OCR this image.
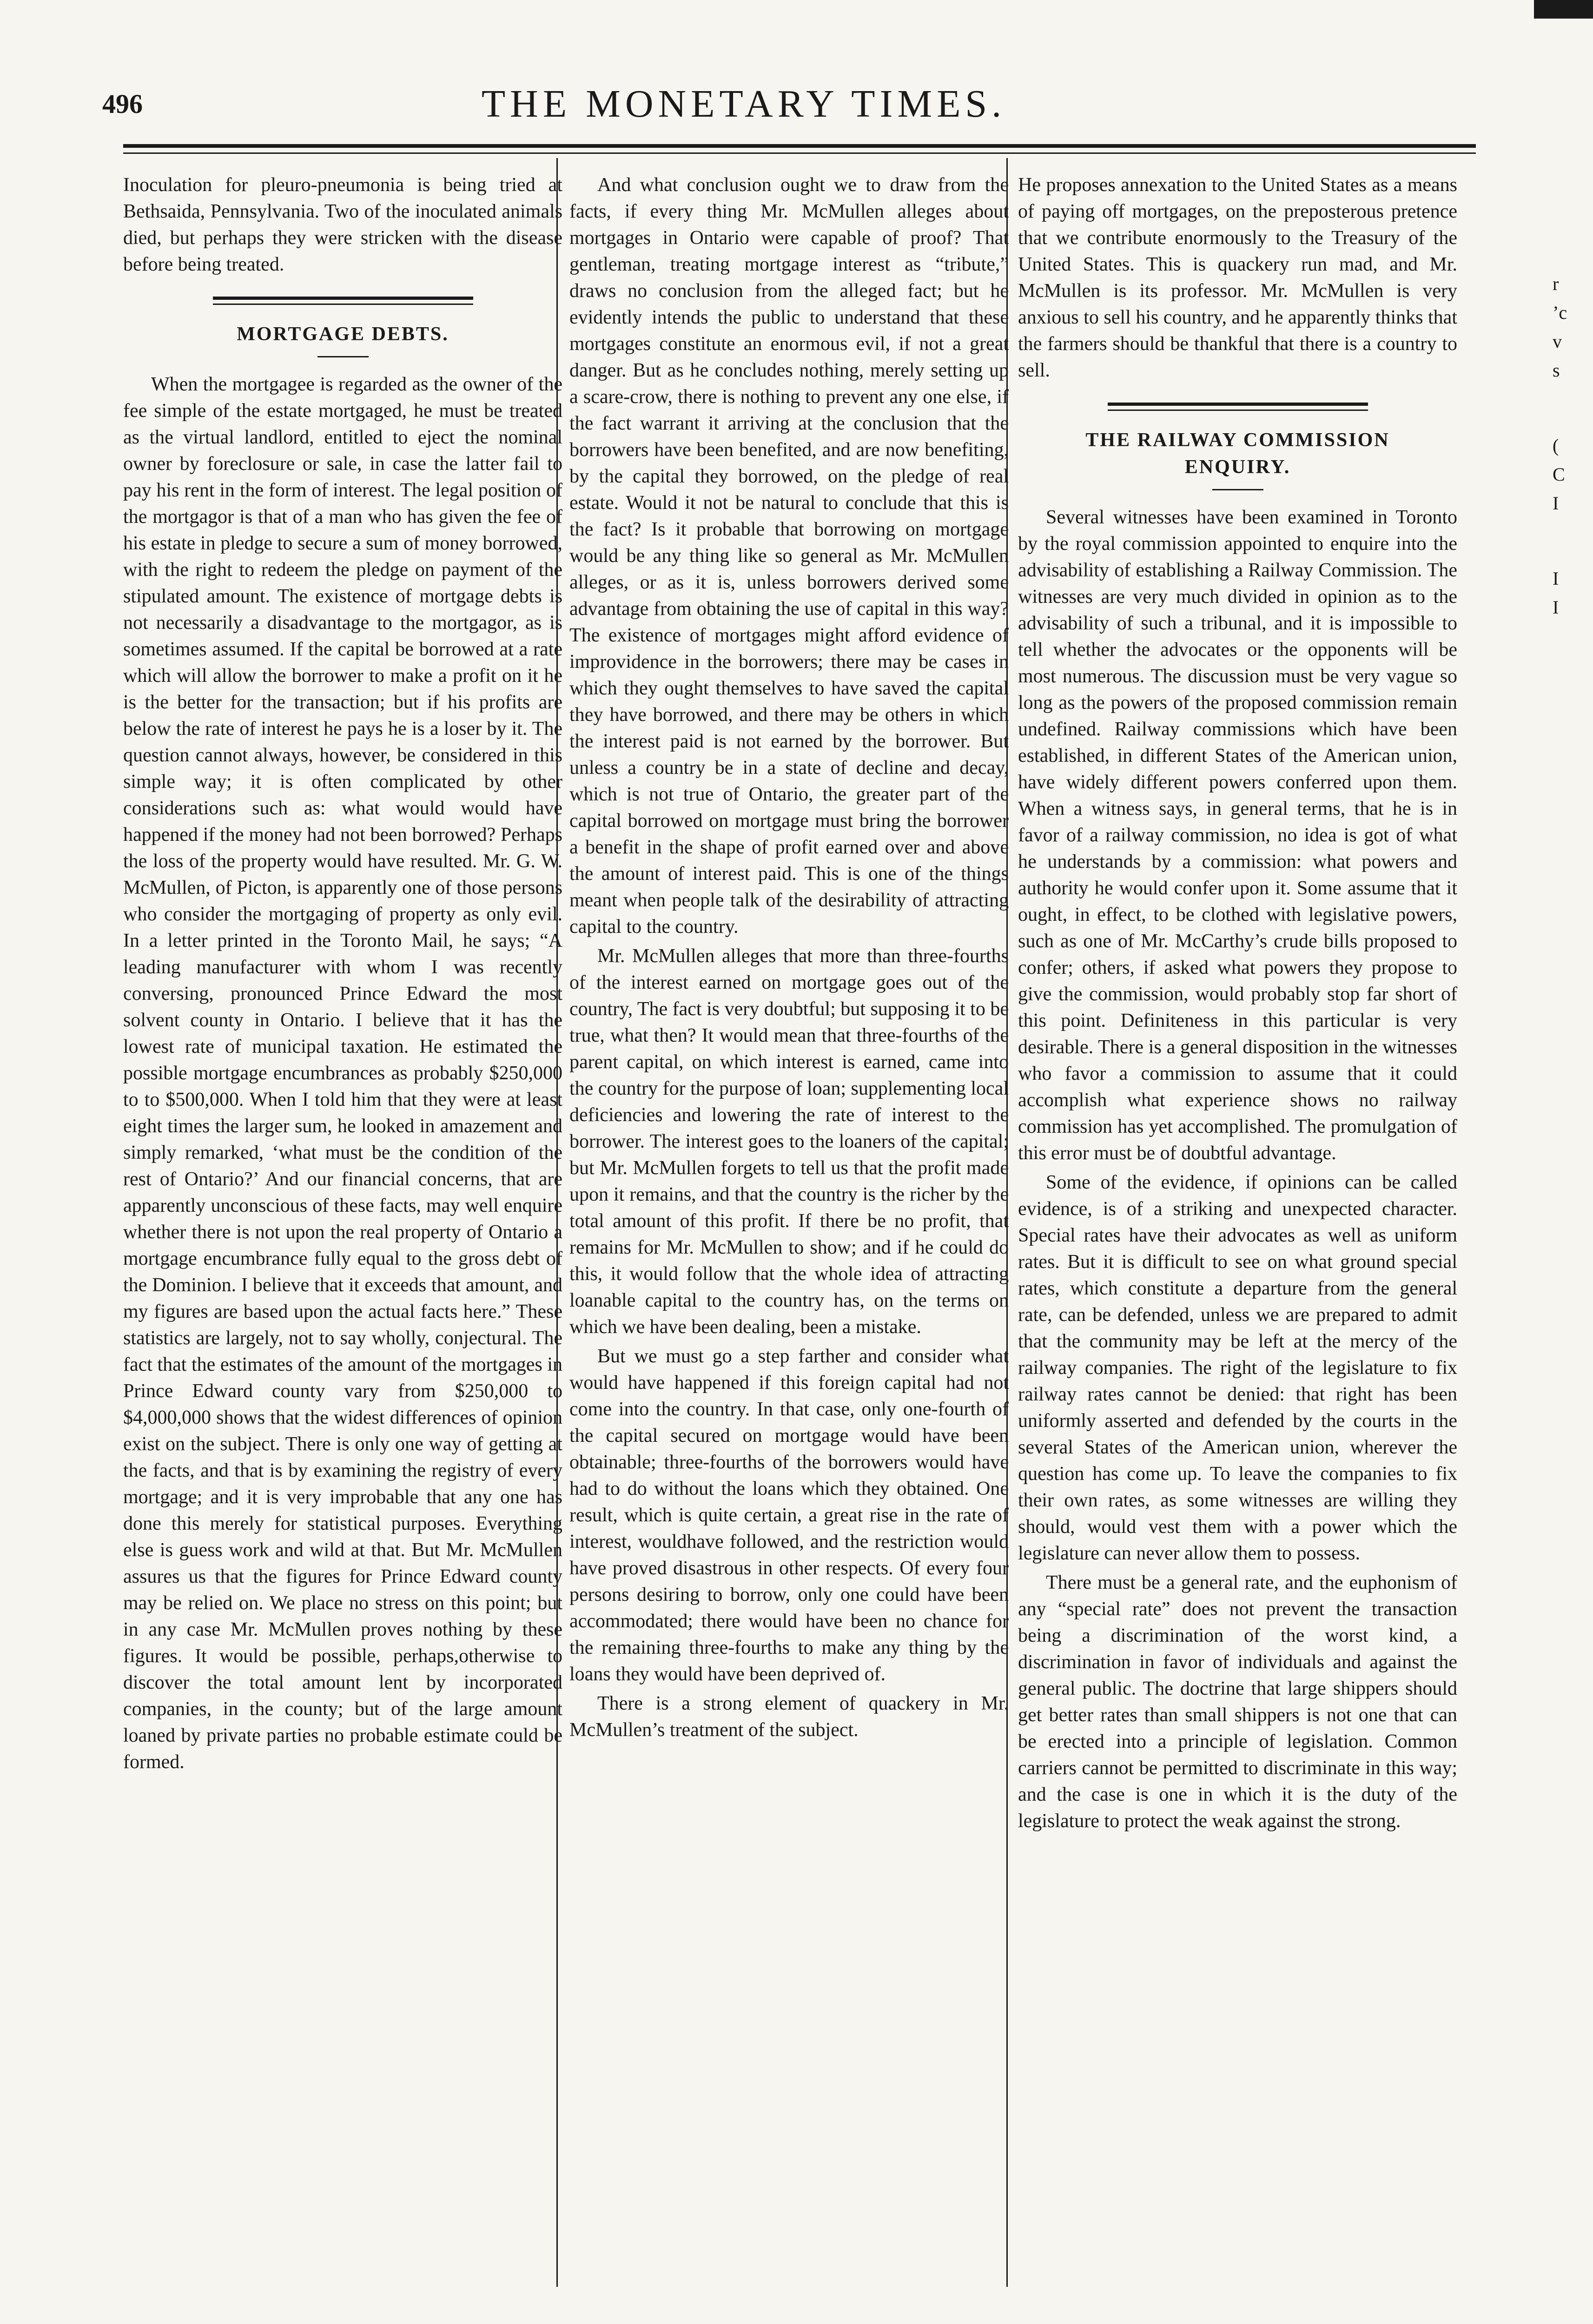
496	THE MONETARY TIMES.

Inoculation for pleuro-pneumonia is being tried at Bethsaida, Pennsylvania. Two of the inoculated animals died, but perhaps they were stricken with the disease before being treated.

MORTGAGE DEBTS.

When the mortgagee is regarded as the owner of the fee simple of the estate mortgaged, he must be treated as the virtual landlord, entitled to eject the nominal owner by foreclosure or sale, in case the latter fail to pay his rent in the form of interest. The legal position of the mortgagor is that of a man who has given the fee of his estate in pledge to secure a sum of money borrowed, with the right to redeem the pledge on payment of the stipulated amount. The existence of mortgage debts is not necessarily a disadvantage to the mortgagor, as is sometimes assumed. If the capital be borrowed at a rate which will allow the borrower to make a profit on it he is the better for the transaction; but if his profits are below the rate of interest he pays he is a loser by it. The question cannot always, however, be considered in this simple way; it is often complicated by other considerations such as: what would would have happened if the money had not been borrowed? Perhaps the loss of the property would have resulted. Mr. G. W. McMullen, of Picton, is apparently one of those persons who consider the mortgaging of property as only evil. In a letter printed in the Toronto Mail, he says; “A leading manufacturer with whom I was recently conversing, pronounced Prince Edward the most solvent county in Ontario. I believe that it has the lowest rate of municipal taxation. He estimated the possible mortgage encumbrances as probably $250,000 to to $500,000. When I told him that they were at least eight times the larger sum, he looked in amazement and simply remarked, ‘what must be the condition of the rest of Ontario?’ And our financial concerns, that are apparently unconscious of these facts, may well enquire whether there is not upon the real property of Ontario a mortgage encumbrance fully equal to the gross debt of the Dominion. I believe that it exceeds that amount, and my figures are based upon the actual facts here.” These statistics are largely, not to say wholly, conjectural. The fact that the estimates of the amount of the mortgages in Prince Edward county vary from $250,000 to $4,000,000 shows that the widest differences of opinion exist on the subject. There is only one way of getting at the facts, and that is by examining the registry of every mortgage; and it is very improbable that any one has done this merely for statistical purposes. Everything else is guess work and wild at that. But Mr. McMullen assures us that the figures for Prince Edward county may be relied on. We place no stress on this point; but in any case Mr. McMullen proves nothing by these figures. It would be possible, perhaps,otherwise to discover the total amount lent by incorporated companies, in the county; but of the large amount loaned by private parties no probable estimate could be formed.

And what conclusion ought we to draw from the facts, if every thing Mr. McMullen alleges about mortgages in Ontario were capable of proof? That gentleman, treating mortgage interest as “tribute,” draws no conclusion from the alleged fact; but he evidently intends the public to understand that these mortgages constitute an enormous evil, if not a great danger. But as he concludes nothing, merely setting up a scare-crow, there is nothing to prevent any one else, if the fact warrant it arriving at the conclusion that the borrowers have been benefited, and are now benefiting, by the capital they borrowed, on the pledge of real estate. Would it not be natural to conclude that this is the fact? Is it probable that borrowing on mortgage would be any thing like so general as Mr. McMullen alleges, or as it is, unless borrowers derived some advantage from obtaining the use of capital in this way? The existence of mortgages might afford evidence of improvidence in the borrowers; there may be cases in which they ought themselves to have saved the capital they have borrowed, and there may be others in which the interest paid is not earned by the borrower. But unless a country be in a state of decline and decay, which is not true of Ontario, the greater part of the capital borrowed on mortgage must bring the borrower a benefit in the shape of profit earned over and above the amount of interest paid. This is one of the things meant when people talk of the desirability of attracting capital to the country.

Mr. McMullen alleges that more than three-fourths of the interest earned on mortgage goes out of the country, The fact is very doubtful; but supposing it to be true, what then? It would mean that three-fourths of the parent capital, on which interest is earned, came into the country for the purpose of loan; supplementing local deficiencies and lowering the rate of interest to the borrower. The interest goes to the loaners of the capital; but Mr. McMullen forgets to tell us that the profit made upon it remains, and that the country is the richer by the total amount of this profit. If there be no profit, that remains for Mr. McMullen to show; and if he could do this, it would follow that the whole idea of attracting loanable capital to the country has, on the terms on which we have been dealing, been a mistake.

But we must go a step farther and consider what would have happened if this foreign capital had not come into the country. In that case, only one-fourth of the capital secured on mortgage would have been obtainable; three-fourths of the borrowers would have had to do without the loans which they obtained. One result, which is quite certain, a great rise in the rate of interest, wouldhave followed, and the restriction would have proved disastrous in other respects. Of every four persons desiring to borrow, only one could have been accommodated; there would have been no chance for the remaining three-fourths to make any thing by the loans they would have been deprived of.

There is a strong element of quackery in Mr. McMullen’s treatment of the subject.

He proposes annexation to the United States as a means of paying off mortgages, on the preposterous pretence that we contribute enormously to the Treasury of the United States. This is quackery run mad, and Mr. McMullen is its professor. Mr. McMullen is very anxious to sell his country, and he apparently thinks that the farmers should be thankful that there is a country to sell.

THE RAILWAY COMMISSION
ENQUIRY.

Several witnesses have been examined in Toronto by the royal commission appointed to enquire into the advisability of establishing a Railway Commission. The witnesses are very much divided in opinion as to the advisability of such a tribunal, and it is impossible to tell whether the advocates or the opponents will be most numerous. The discussion must be very vague so long as the powers of the proposed commission remain undefined. Railway commissions which have been established, in different States of the American union, have widely different powers conferred upon them. When a witness says, in general terms, that he is in favor of a railway commission, no idea is got of what he understands by a commission: what powers and authority he would confer upon it. Some assume that it ought, in effect, to be clothed with legislative powers, such as one of Mr. McCarthy’s crude bills proposed to confer; others, if asked what powers they propose to give the commission, would probably stop far short of this point. Definiteness in this particular is very desirable. There is a general disposition in the witnesses who favor a commission to assume that it could accomplish what experience shows no railway commission has yet accomplished. The promulgation of this error must be of doubtful advantage.

Some of the evidence, if opinions can be called evidence, is of a striking and unexpected character. Special rates have their advocates as well as uniform rates. But it is difficult to see on what ground special rates, which constitute a departure from the general rate, can be defended, unless we are prepared to admit that the community may be left at the mercy of the railway companies. The right of the legislature to fix railway rates cannot be denied: that right has been uniformly asserted and defended by the courts in the several States of the American union, wherever the question has come up. To leave the companies to fix their own rates, as some witnesses are willing they should, would vest them with a power which the legislature can never allow them to possess.

There must be a general rate, and the euphonism of any “special rate” does not prevent the transaction being a discrimination of the worst kind, a discrimination in favor of individuals and against the general public. The doctrine that large shippers should get better rates than small shippers is not one that can be erected into a principle of legislation. Common carriers cannot be permitted to discriminate in this way; and the case is one in which it is the duty of the legislature to protect the weak against the strong.

r
’c
v
s
(
C
I
I
I
